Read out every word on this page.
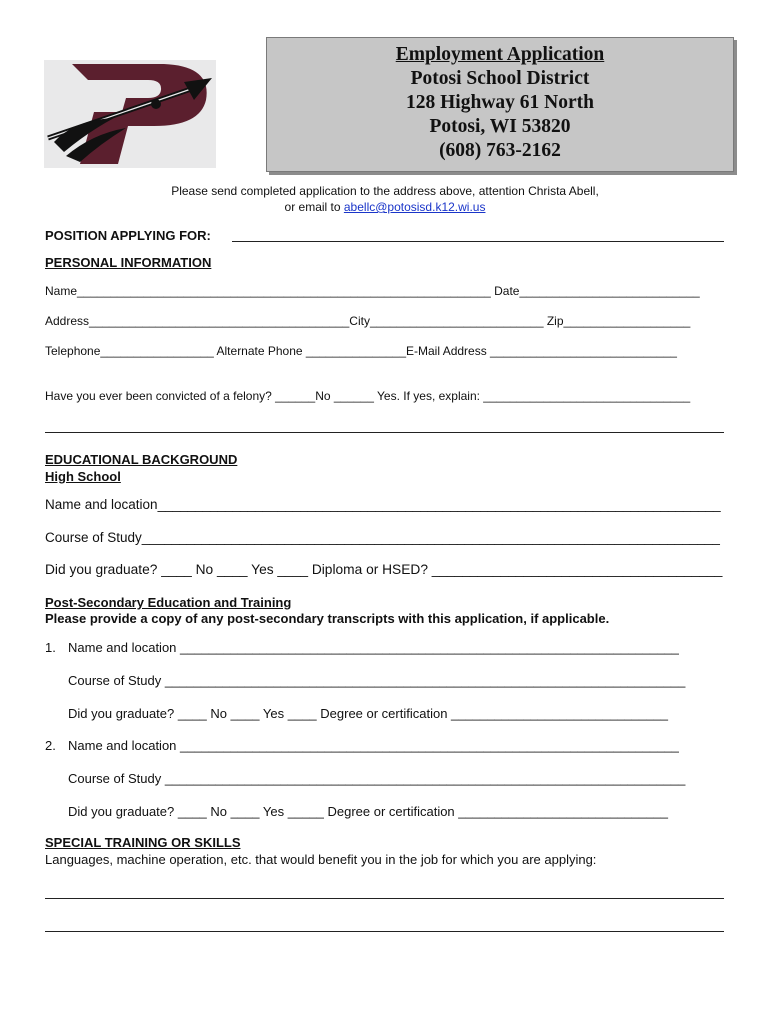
Employment Application
Potosi School District
128 Highway 61 North
Potosi, WI 53820
(608) 763-2162
Please send completed application to the address above, attention Christa Abell,
or email to abellc@potosisd.k12.wi.us
POSITION APPLYING FOR:
PERSONAL INFORMATION
Name______________________________________________________________ Date___________________________
Address_______________________________________City__________________________ Zip___________________
Telephone_________________ Alternate Phone _______________E-Mail Address ____________________________
Have you ever been convicted of a felony? ______No ______ Yes. If yes, explain: _______________________________
EDUCATIONAL BACKGROUND
High School
Name and location___________________________________________________________________________
Course of Study_____________________________________________________________________________
Did you graduate? ____ No ____ Yes ____ Diploma or HSED? ______________________________________
Post-Secondary Education and Training
Please provide a copy of any post-secondary transcripts with this application, if applicable.
1. Name and location _____________________________________________________________________
Course of Study ________________________________________________________________________
Did you graduate? ____ No ____ Yes ____ Degree or certification ______________________________
2. Name and location _____________________________________________________________________
Course of Study ________________________________________________________________________
Did you graduate? ____ No ____ Yes _____ Degree or certification _____________________________
SPECIAL TRAINING OR SKILLS
Languages, machine operation, etc. that would benefit you in the job for which you are applying:
